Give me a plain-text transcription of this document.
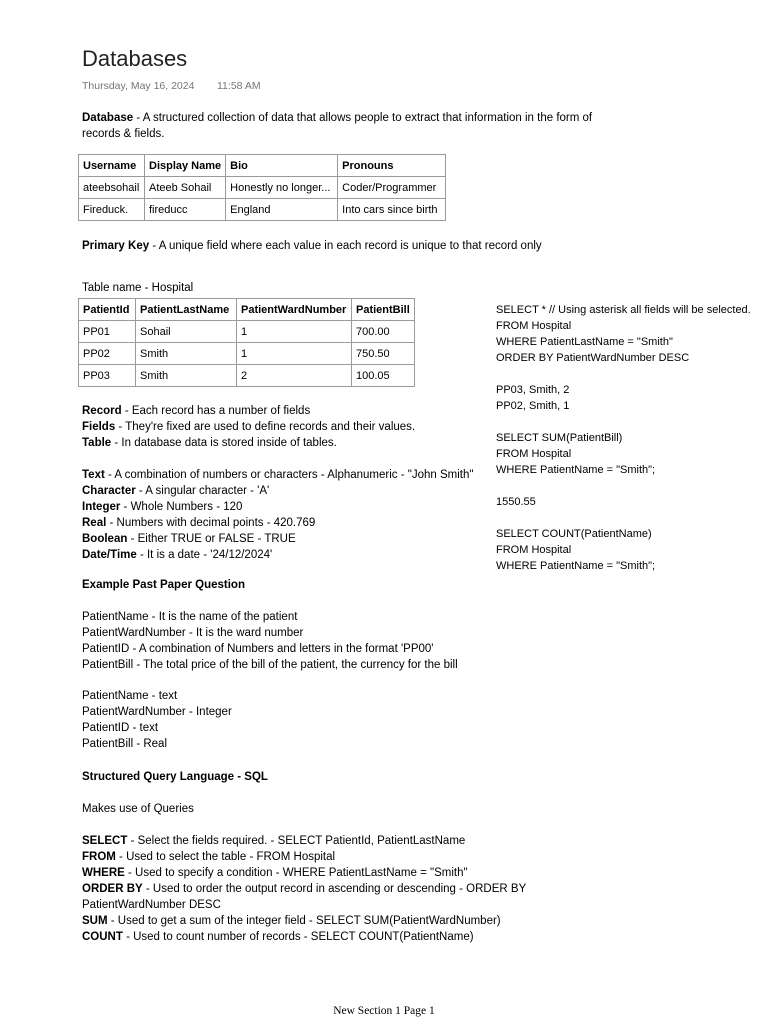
Databases
Thursday, May 16, 2024 11:58 AM
Database - A structured collection of data that allows people to extract that information in the form of
records & fields.
Username	Display Name	Bio	Pronouns
ateebsohail	Ateeb Sohail	Honestly no longer...	Coder/Programmer
Fireduck.	fireducc	England	Into cars since birth
Primary Key - A unique field where each value in each record is unique to that record only
Table name - Hospital
PatientId	PatientLastName	PatientWardNumber	PatientBill
PP01	Sohail	1	700.00
PP02	Smith	1	750.50
PP03	Smith	2	100.05
Record - Each record has a number of fields
Fields - They're fixed are used to define records and their values.
Table - In database data is stored inside of tables.
Text - A combination of numbers or characters - Alphanumeric - "John Smith"
Character - A singular character - 'A'
Integer - Whole Numbers - 120
Real - Numbers with decimal points - 420.769
Boolean - Either TRUE or FALSE - TRUE
Date/Time - It is a date - '24/12/2024'
Example Past Paper Question
PatientName - It is the name of the patient
PatientWardNumber - It is the ward number
PatientID - A combination of Numbers and letters in the format 'PP00'
PatientBill - The total price of the bill of the patient, the currency for the bill
PatientName - text
PatientWardNumber - Integer
PatientID - text
PatientBill - Real
Structured Query Language - SQL
Makes use of Queries
SELECT - Select the fields required. - SELECT PatientId, PatientLastName
FROM - Used to select the table - FROM Hospital
WHERE - Used to specify a condition - WHERE PatientLastName = "Smith"
ORDER BY - Used to order the output record in ascending or descending - ORDER BY
PatientWardNumber DESC
SUM - Used to get a sum of the integer field - SELECT SUM(PatientWardNumber)
COUNT - Used to count number of records - SELECT COUNT(PatientName)
SELECT * // Using asterisk all fields will be selected.
FROM Hospital
WHERE PatientLastName = "Smith"
ORDER BY PatientWardNumber DESC
PP03, Smith, 2
PP02, Smith, 1
SELECT SUM(PatientBill)
FROM Hospital
WHERE PatientName = "Smith";
1550.55
SELECT COUNT(PatientName)
FROM Hospital
WHERE PatientName = "Smith";
New Section 1 Page 1
